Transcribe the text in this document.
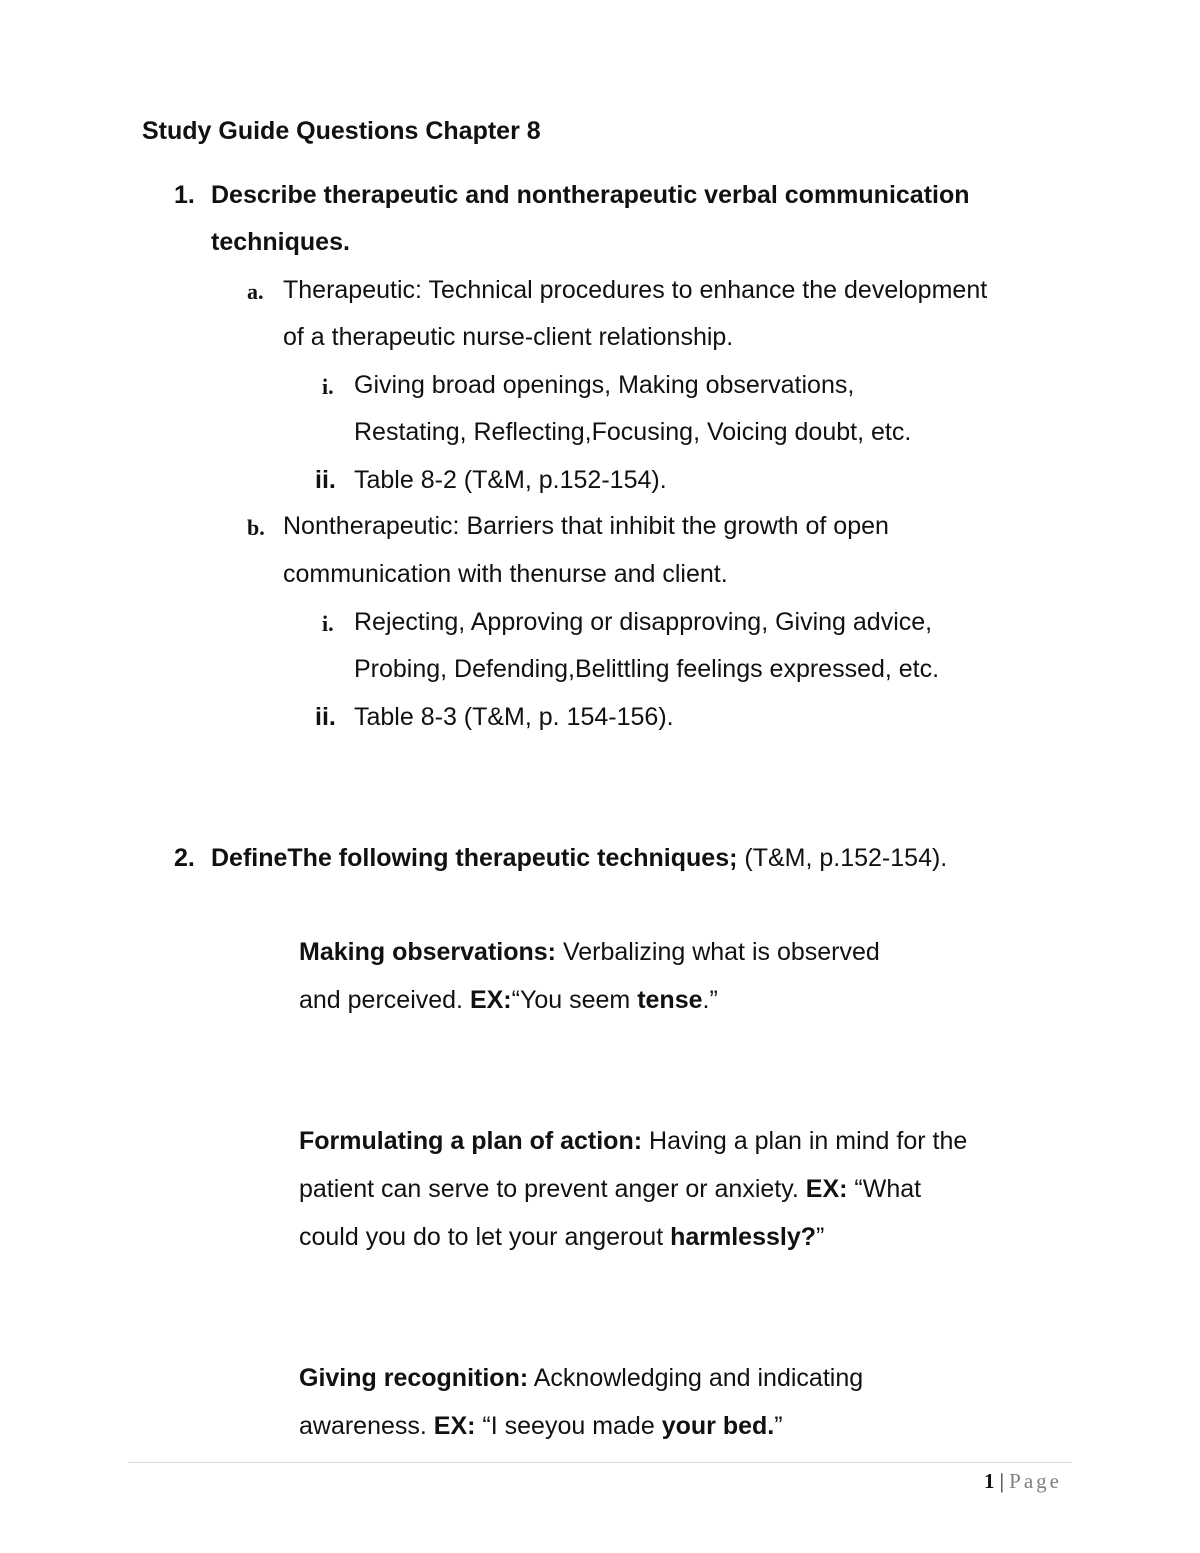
Study Guide Questions Chapter 8
1. Describe therapeutic and nontherapeutic verbal communication
techniques.
a. Therapeutic: Technical procedures to enhance the development
of a therapeutic nurse-client relationship.
i. Giving broad openings, Making observations,
Restating, Reflecting,Focusing, Voicing doubt, etc.
ii. Table 8-2 (T&M, p.152-154).
b. Nontherapeutic: Barriers that inhibit the growth of open
communication with thenurse and client.
i. Rejecting, Approving or disapproving, Giving advice,
Probing, Defending,Belittling feelings expressed, etc.
ii. Table 8-3 (T&M, p. 154-156).
2. DefineThe following therapeutic techniques; (T&M, p.152-154).
Making observations: Verbalizing what is observed
and perceived. EX:“You seem tense.”
Formulating a plan of action: Having a plan in mind for the
patient can serve to prevent anger or anxiety. EX: “What
could you do to let your angerout harmlessly?”
Giving recognition: Acknowledging and indicating
awareness. EX: “I seeyou made your bed.”
1 | Page
